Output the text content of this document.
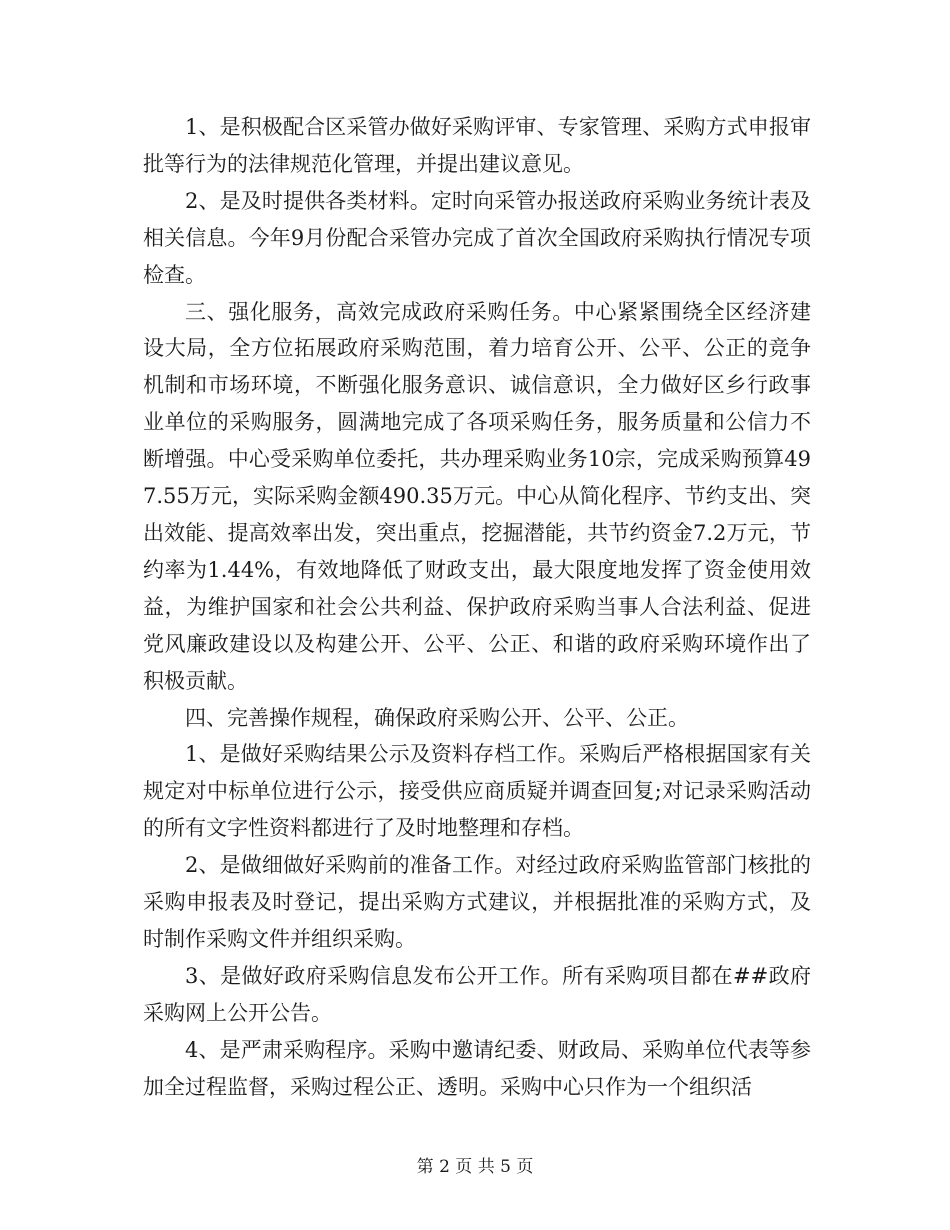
1、是积极配合区采管办做好采购评审、专家管理、采购方式申报审批等行为的法律规范化管理，并提出建议意见。

2、是及时提供各类材料。定时向采管办报送政府采购业务统计表及相关信息。今年9月份配合采管办完成了首次全国政府采购执行情况专项检查。

三、强化服务，高效完成政府采购任务。中心紧紧围绕全区经济建设大局，全方位拓展政府采购范围，着力培育公开、公平、公正的竞争机制和市场环境，不断强化服务意识、诚信意识，全力做好区乡行政事业单位的采购服务，圆满地完成了各项采购任务，服务质量和公信力不断增强。中心受采购单位委托，共办理采购业务10宗，完成采购预算497.55万元，实际采购金额490.35万元。中心从简化程序、节约支出、突出效能、提高效率出发，突出重点，挖掘潜能，共节约资金7.2万元，节约率为1.44%，有效地降低了财政支出，最大限度地发挥了资金使用效益，为维护国家和社会公共利益、保护政府采购当事人合法利益、促进党风廉政建设以及构建公开、公平、公正、和谐的政府采购环境作出了积极贡献。

四、完善操作规程，确保政府采购公开、公平、公正。

1、是做好采购结果公示及资料存档工作。采购后严格根据国家有关规定对中标单位进行公示，接受供应商质疑并调查回复;对记录采购活动的所有文字性资料都进行了及时地整理和存档。

2、是做细做好采购前的准备工作。对经过政府采购监管部门核批的采购申报表及时登记，提出采购方式建议，并根据批准的采购方式，及时制作采购文件并组织采购。

3、是做好政府采购信息发布公开工作。所有采购项目都在##政府采购网上公开公告。

4、是严肃采购程序。采购中邀请纪委、财政局、采购单位代表等参加全过程监督，采购过程公正、透明。采购中心只作为一个组织活

第 2 页 共 5 页
